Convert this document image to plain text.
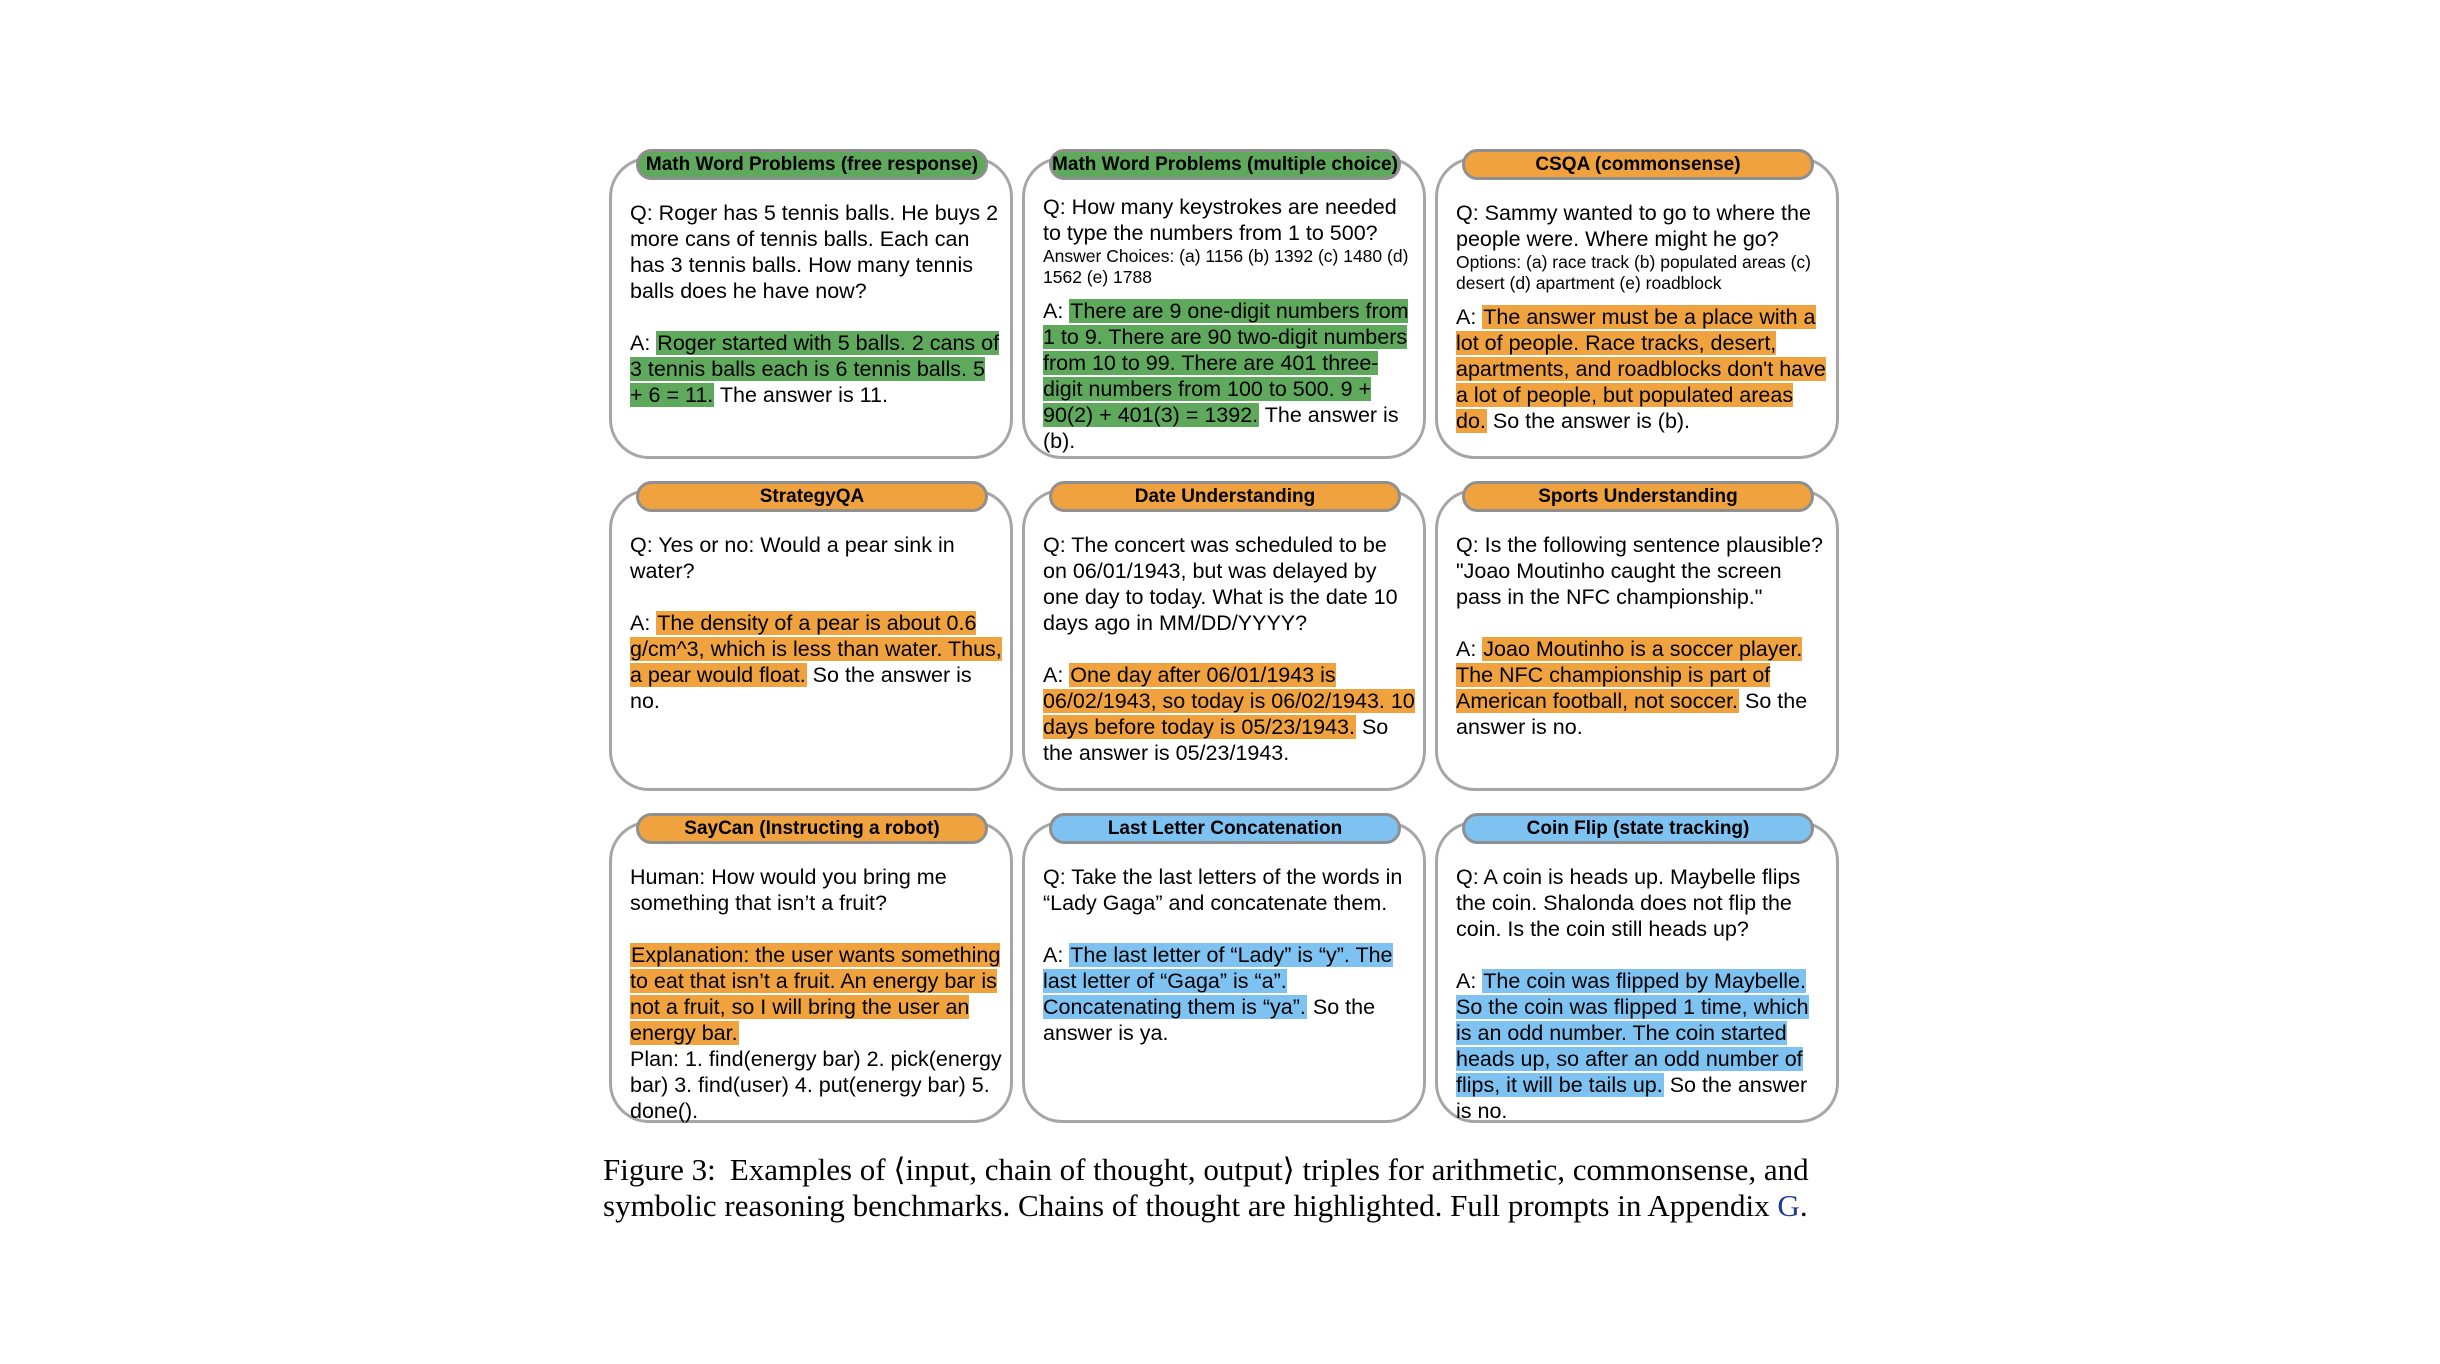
Math Word Problems (free response)
Q: Roger has 5 tennis balls. He buys 2 more cans of tennis balls. Each can has 3 tennis balls. How many tennis balls does he have now?
A: Roger started with 5 balls. 2 cans of 3 tennis balls each is 6 tennis balls. 5 + 6 = 11. The answer is 11.
Math Word Problems (multiple choice)
Q: How many keystrokes are needed to type the numbers from 1 to 500?
Answer Choices: (a) 1156 (b) 1392 (c) 1480 (d) 1562 (e) 1788
A: There are 9 one-digit numbers from 1 to 9. There are 90 two-digit numbers from 10 to 99. There are 401 three-digit numbers from 100 to 500. 9 + 90(2) + 401(3) = 1392. The answer is (b).
CSQA (commonsense)
Q: Sammy wanted to go to where the people were. Where might he go?
Options: (a) race track (b) populated areas (c) desert (d) apartment (e) roadblock
A: The answer must be a place with a lot of people. Race tracks, desert, apartments, and roadblocks don't have a lot of people, but populated areas do. So the answer is (b).
StrategyQA
Q: Yes or no: Would a pear sink in water?
A: The density of a pear is about 0.6 g/cm^3, which is less than water. Thus, a pear would float. So the answer is no.
Date Understanding
Q: The concert was scheduled to be on 06/01/1943, but was delayed by one day to today. What is the date 10 days ago in MM/DD/YYYY?
A: One day after 06/01/1943 is 06/02/1943, so today is 06/02/1943. 10 days before today is 05/23/1943. So the answer is 05/23/1943.
Sports Understanding
Q: Is the following sentence plausible? "Joao Moutinho caught the screen pass in the NFC championship."
A: Joao Moutinho is a soccer player. The NFC championship is part of American football, not soccer. So the answer is no.
SayCan (Instructing a robot)
Human: How would you bring me something that isn’t a fruit?
Explanation: the user wants something to eat that isn’t a fruit. An energy bar is not a fruit, so I will bring the user an energy bar.
Plan: 1. find(energy bar) 2. pick(energy bar) 3. find(user) 4. put(energy bar) 5. done().
Last Letter Concatenation
Q: Take the last letters of the words in “Lady Gaga” and concatenate them.
A: The last letter of “Lady” is “y”. The last letter of “Gaga” is “a”. Concatenating them is “ya”. So the answer is ya.
Coin Flip (state tracking)
Q: A coin is heads up. Maybelle flips the coin. Shalonda does not flip the coin. Is the coin still heads up?
A: The coin was flipped by Maybelle. So the coin was flipped 1 time, which is an odd number. The coin started heads up, so after an odd number of flips, it will be tails up. So the answer is no.
Figure 3: Examples of ⟨input, chain of thought, output⟩ triples for arithmetic, commonsense, and symbolic reasoning benchmarks. Chains of thought are highlighted. Full prompts in Appendix G.
